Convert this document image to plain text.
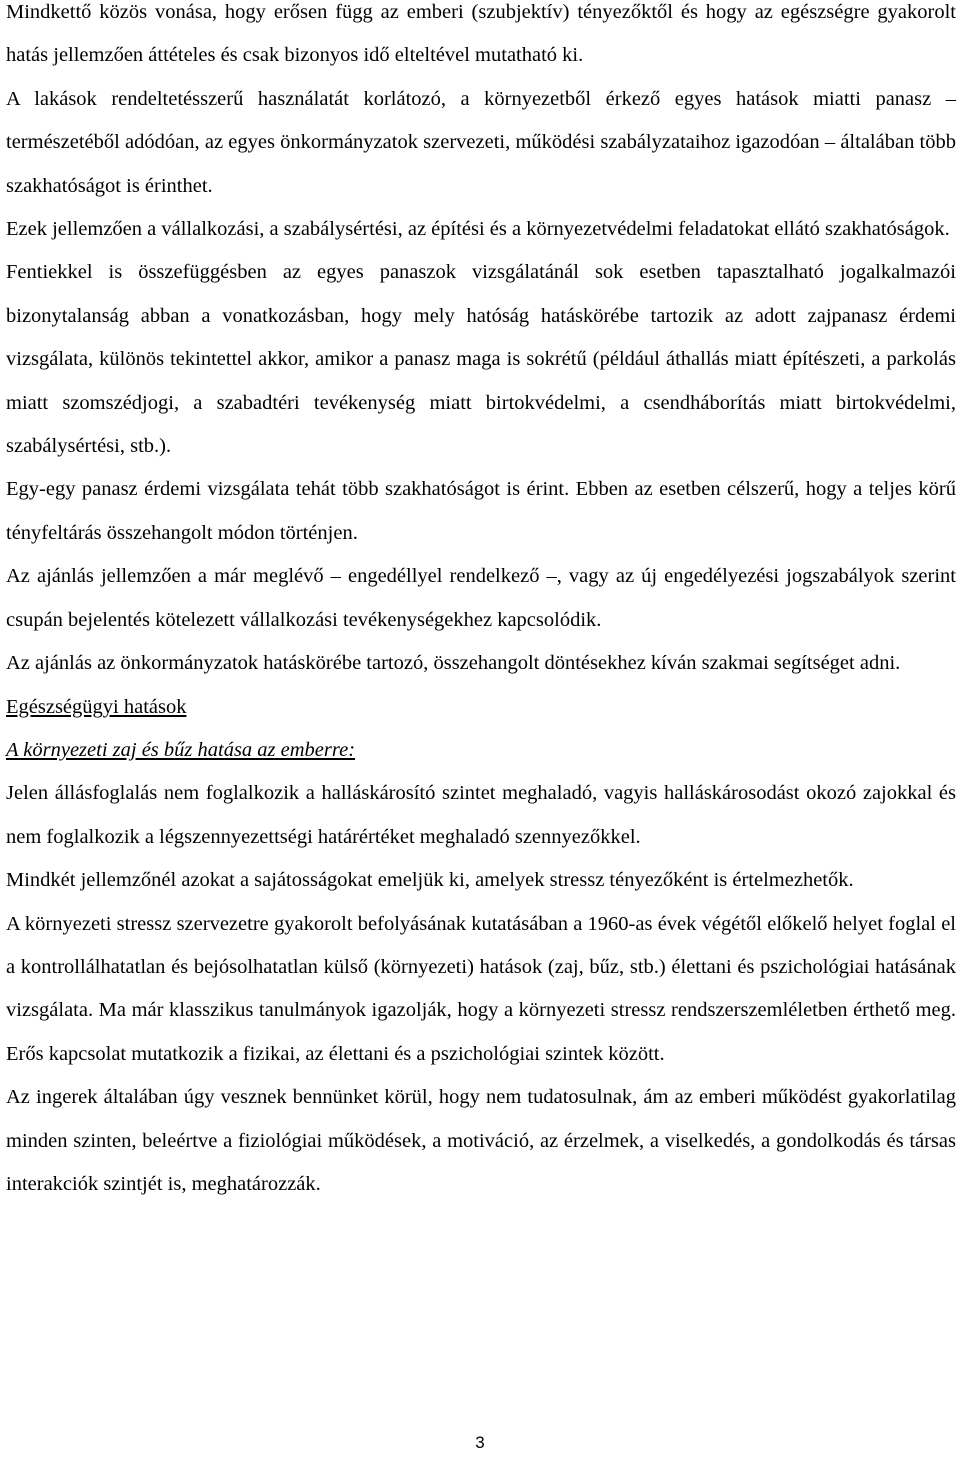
Mindkettő közös vonása, hogy erősen függ az emberi (szubjektív) tényezőktől és hogy az egészségre gyakorolt hatás jellemzően áttételes és csak bizonyos idő elteltével mutatható ki.

A lakások rendeltetésszerű használatát korlátozó, a környezetből érkező egyes hatások miatti panasz – természetéből adódóan, az egyes önkormányzatok szervezeti, működési szabályzataihoz igazodóan – általában több szakhatóságot is érinthet.

Ezek jellemzően a vállalkozási, a szabálysértési, az építési és a környezetvédelmi feladatokat ellátó szakhatóságok.

Fentiekkel is összefüggésben az egyes panaszok vizsgálatánál sok esetben tapasztalható jogalkalmazói bizonytalanság abban a vonatkozásban, hogy mely hatóság hatáskörébe tartozik az adott zajpanasz érdemi vizsgálata, különös tekintettel akkor, amikor a panasz maga is sokrétű (például áthallás miatt építészeti, a parkolás miatt szomszédjogi, a szabadtéri tevékenység miatt birtokvédelmi, a csendháborítás miatt birtokvédelmi, szabálysértési, stb.).

Egy-egy panasz érdemi vizsgálata tehát több szakhatóságot is érint. Ebben az esetben célszerű, hogy a teljes körű tényfeltárás összehangolt módon történjen.

Az ajánlás jellemzően a már meglévő – engedéllyel rendelkező –, vagy az új engedélyezési jogszabályok szerint csupán bejelentés kötelezett vállalkozási tevékenységekhez kapcsolódik.

Az ajánlás az önkormányzatok hatáskörébe tartozó, összehangolt döntésekhez kíván szakmai segítséget adni.

Egészségügyi hatások

A környezeti zaj és bűz hatása az emberre:

Jelen állásfoglalás nem foglalkozik a halláskárosító szintet meghaladó, vagyis halláskárosodást okozó zajokkal és nem foglalkozik a légszennyezettségi határértéket meghaladó szennyezőkkel.

Mindkét jellemzőnél azokat a sajátosságokat emeljük ki, amelyek stressz tényezőként is értelmezhetők.

A környezeti stressz szervezetre gyakorolt befolyásának kutatásában a 1960-as évek végétől előkelő helyet foglal el a kontrollálhatatlan és bejósolhatatlan külső (környezeti) hatások (zaj, bűz, stb.) élettani és pszichológiai hatásának vizsgálata. Ma már klasszikus tanulmányok igazolják, hogy a környezeti stressz rendszerszemléletben érthető meg. Erős kapcsolat mutatkozik a fizikai, az élettani és a pszichológiai szintek között.

Az ingerek általában úgy vesznek bennünket körül, hogy nem tudatosulnak, ám az emberi működést gyakorlatilag minden szinten, beleértve a fiziológiai működések, a motiváció, az érzelmek, a viselkedés, a gondolkodás és társas interakciók szintjét is, meghatározzák.

3
